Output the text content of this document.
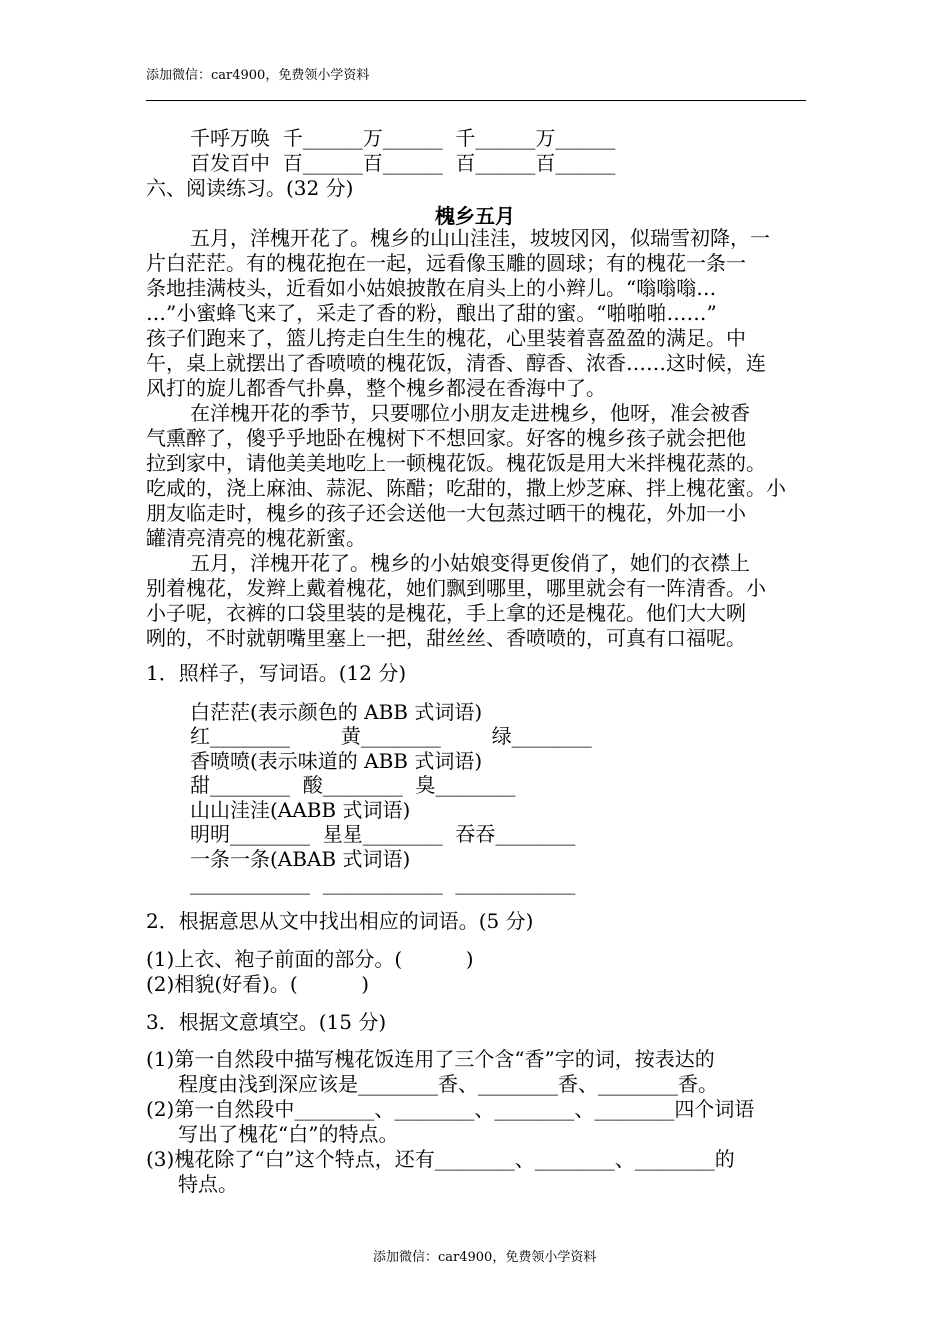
添加微信：car4900，免费领小学资料
千呼万唤  千______万______  千______万______
百发百中  百______百______  百______百______
六、阅读练习。(32 分)
槐乡五月
五月，洋槐开花了。槐乡的山山洼洼，坡坡冈冈，似瑞雪初降，一
片白茫茫。有的槐花抱在一起，远看像玉雕的圆球；有的槐花一条一
条地挂满枝头，近看如小姑娘披散在肩头上的小辫儿。“嗡嗡嗡…
…”小蜜蜂飞来了，采走了香的粉，酿出了甜的蜜。“啪啪啪……”
孩子们跑来了，篮儿挎走白生生的槐花，心里装着喜盈盈的满足。中
午，桌上就摆出了香喷喷的槐花饭，清香、醇香、浓香……这时候，连
风打的旋儿都香气扑鼻，整个槐乡都浸在香海中了。
在洋槐开花的季节，只要哪位小朋友走进槐乡，他呀，准会被香
气熏醉了，傻乎乎地卧在槐树下不想回家。好客的槐乡孩子就会把他
拉到家中，请他美美地吃上一顿槐花饭。槐花饭是用大米拌槐花蒸的。
吃咸的，浇上麻油、蒜泥、陈醋；吃甜的，撒上炒芝麻、拌上槐花蜜。小
朋友临走时，槐乡的孩子还会送他一大包蒸过晒干的槐花，外加一小
罐清亮清亮的槐花新蜜。
五月，洋槐开花了。槐乡的小姑娘变得更俊俏了，她们的衣襟上
别着槐花，发辫上戴着槐花，她们飘到哪里，哪里就会有一阵清香。小
小子呢，衣裤的口袋里装的是槐花，手上拿的还是槐花。他们大大咧
咧的，不时就朝嘴里塞上一把，甜丝丝、香喷喷的，可真有口福呢。
1．照样子，写词语。(12 分)
白茫茫(表示颜色的 ABB 式词语)
红________        黄________        绿________
香喷喷(表示味道的 ABB 式词语)
甜________  酸________  臭________
山山洼洼(AABB 式词语)
明明________  星星________  吞吞________
一条一条(ABAB 式词语)
____________  ____________  ____________
2．根据意思从文中找出相应的词语。(5 分)
(1)上衣、袍子前面的部分。(          )
(2)相貌(好看)。(          )
3．根据文意填空。(15 分)
(1)第一自然段中描写槐花饭连用了三个含“香”字的词，按表达的
程度由浅到深应该是________香、________香、________香。
(2)第一自然段中________、________、________、________四个词语
写出了槐花“白”的特点。
(3)槐花除了“白”这个特点，还有________、________、________的
特点。
添加微信：car4900，免费领小学资料
